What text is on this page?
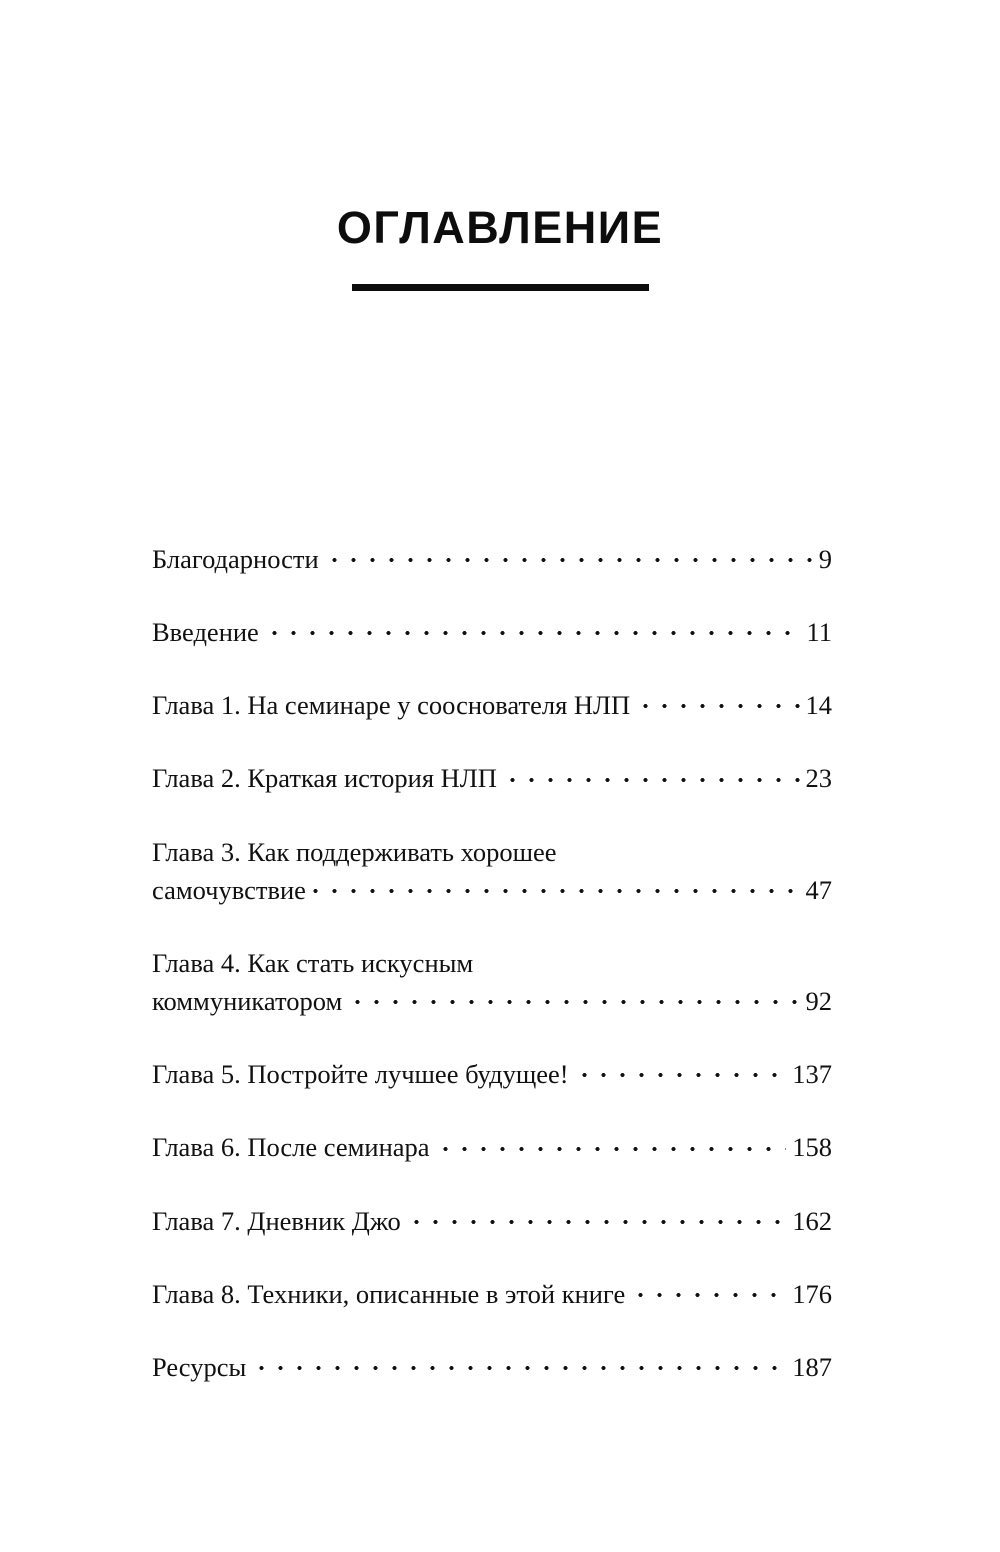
ОГЛАВЛЕНИЕ
Благодарности	9
Введение	11
Глава 1. На семинаре у сооснователя НЛП	14
Глава 2. Краткая история НЛП	23
Глава 3. Как поддерживать хорошее
самочувствие	47
Глава 4. Как стать искусным
коммуникатором	92
Глава 5. Постройте лучшее будущее!	137
Глава 6. После семинара	158
Глава 7. Дневник Джо	162
Глава 8. Техники, описанные в этой книге	176
Ресурсы	187
